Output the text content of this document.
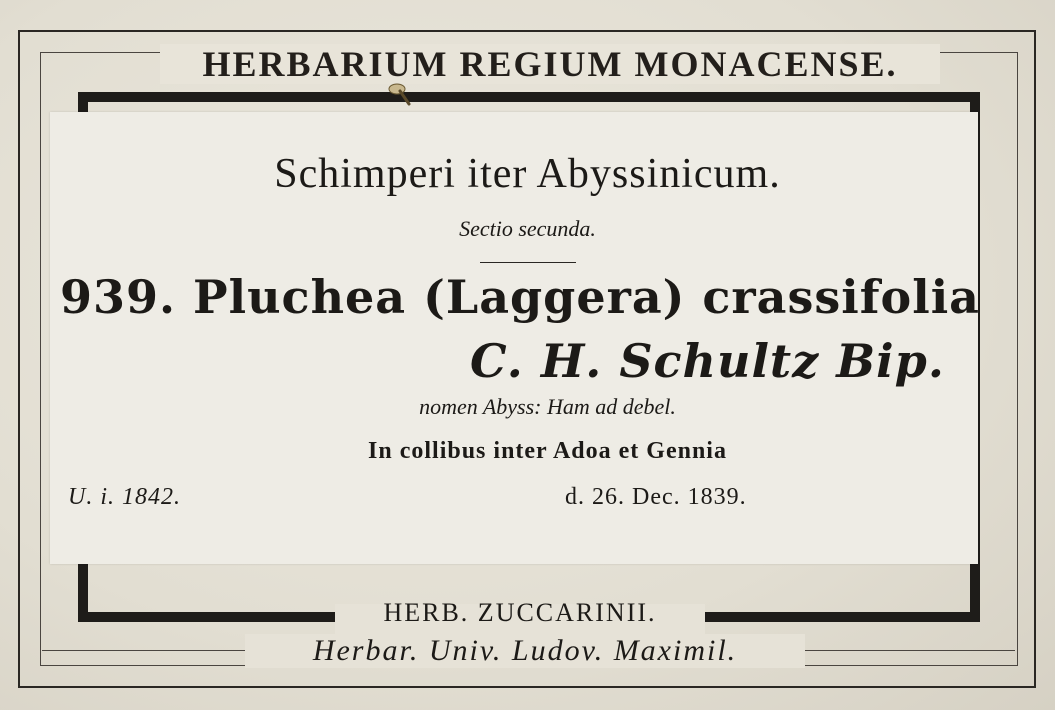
HERBARIUM REGIUM MONACENSE.
Schimperi iter Abyssinicum.
Sectio secunda.
939. Pluchea (Laggera) crassifolia
C. H. Schultz Bip.
nomen Abyss: Ham ad debel.
In collibus inter Adoa et Gennia
U. i. 1842.	d. 26. Dec. 1839.
HERB. ZUCCARINII.
Herbar. Univ. Ludov. Maximil.
